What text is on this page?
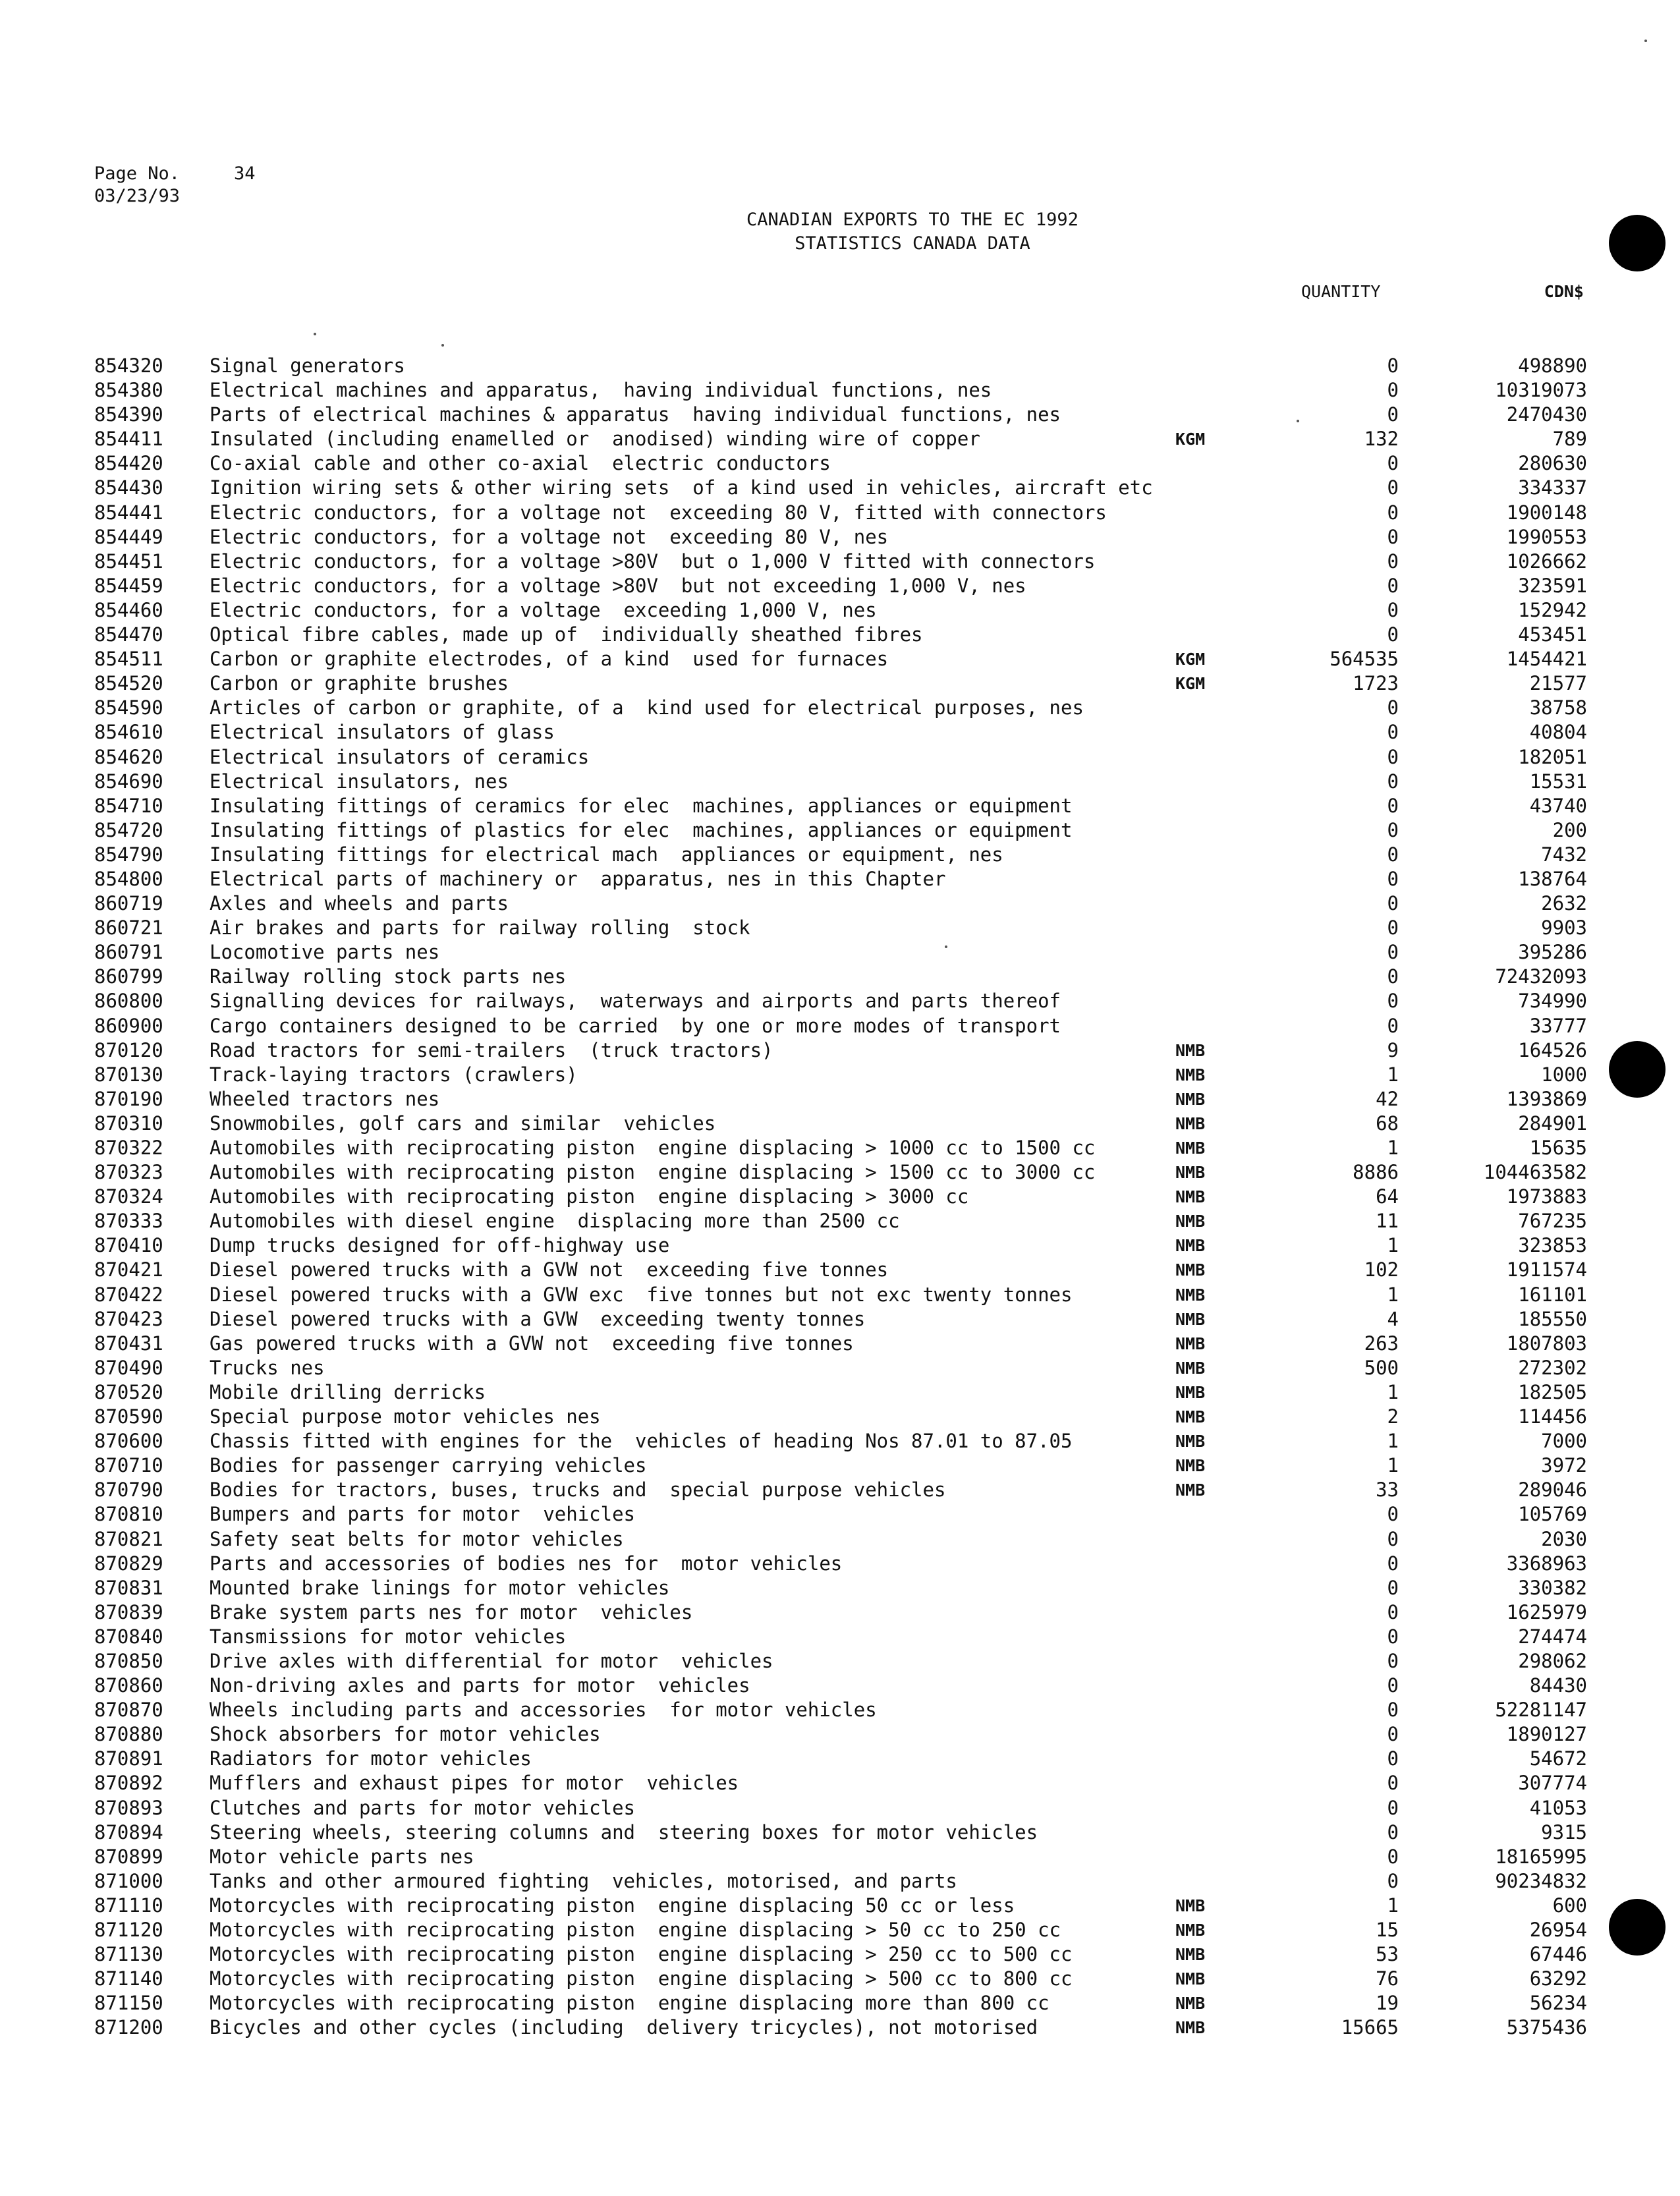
Page No.	34
03/23/93
CANADIAN EXPORTS TO THE EC 1992
STATISTICS CANADA DATA
QUANTITY	CDN$
854320 Signal generators	0	498890
854380 Electrical machines and apparatus,  having individual functions, nes	0	10319073
854390 Parts of electrical machines & apparatus  having individual functions, nes	0	2470430
854411 Insulated (including enamelled or  anodised) winding wire of copper	KGM	132	789
854420 Co-axial cable and other co-axial  electric conductors	0	280630
854430 Ignition wiring sets & other wiring sets  of a kind used in vehicles, aircraft etc	0	334337
854441 Electric conductors, for a voltage not  exceeding 80 V, fitted with connectors	0	1900148
854449 Electric conductors, for a voltage not  exceeding 80 V, nes	0	1990553
854451 Electric conductors, for a voltage >80V  but o 1,000 V fitted with connectors	0	1026662
854459 Electric conductors, for a voltage >80V  but not exceeding 1,000 V, nes	0	323591
854460 Electric conductors, for a voltage  exceeding 1,000 V, nes	0	152942
854470 Optical fibre cables, made up of  individually sheathed fibres	0	453451
854511 Carbon or graphite electrodes, of a kind  used for furnaces	KGM	564535	1454421
854520 Carbon or graphite brushes	KGM	1723	21577
854590 Articles of carbon or graphite, of a  kind used for electrical purposes, nes	0	38758
854610 Electrical insulators of glass	0	40804
854620 Electrical insulators of ceramics	0	182051
854690 Electrical insulators, nes	0	15531
854710 Insulating fittings of ceramics for elec  machines, appliances or equipment	0	43740
854720 Insulating fittings of plastics for elec  machines, appliances or equipment	0	200
854790 Insulating fittings for electrical mach  appliances or equipment, nes	0	7432
854800 Electrical parts of machinery or  apparatus, nes in this Chapter	0	138764
860719 Axles and wheels and parts	0	2632
860721 Air brakes and parts for railway rolling  stock	0	9903
860791 Locomotive parts nes	0	395286
860799 Railway rolling stock parts nes	0	72432093
860800 Signalling devices for railways,  waterways and airports and parts thereof	0	734990
860900 Cargo containers designed to be carried  by one or more modes of transport	0	33777
870120 Road tractors for semi-trailers  (truck tractors)	NMB	9	164526
870130 Track-laying tractors (crawlers)	NMB	1	1000
870190 Wheeled tractors nes	NMB	42	1393869
870310 Snowmobiles, golf cars and similar  vehicles	NMB	68	284901
870322 Automobiles with reciprocating piston  engine displacing > 1000 cc to 1500 cc	NMB	1	15635
870323 Automobiles with reciprocating piston  engine displacing > 1500 cc to 3000 cc	NMB	8886	104463582
870324 Automobiles with reciprocating piston  engine displacing > 3000 cc	NMB	64	1973883
870333 Automobiles with diesel engine  displacing more than 2500 cc	NMB	11	767235
870410 Dump trucks designed for off-highway use	NMB	1	323853
870421 Diesel powered trucks with a GVW not  exceeding five tonnes	NMB	102	1911574
870422 Diesel powered trucks with a GVW exc  five tonnes but not exc twenty tonnes	NMB	1	161101
870423 Diesel powered trucks with a GVW  exceeding twenty tonnes	NMB	4	185550
870431 Gas powered trucks with a GVW not  exceeding five tonnes	NMB	263	1807803
870490 Trucks nes	NMB	500	272302
870520 Mobile drilling derricks	NMB	1	182505
870590 Special purpose motor vehicles nes	NMB	2	114456
870600 Chassis fitted with engines for the  vehicles of heading Nos 87.01 to 87.05	NMB	1	7000
870710 Bodies for passenger carrying vehicles	NMB	1	3972
870790 Bodies for tractors, buses, trucks and  special purpose vehicles	NMB	33	289046
870810 Bumpers and parts for motor  vehicles	0	105769
870821 Safety seat belts for motor vehicles	0	2030
870829 Parts and accessories of bodies nes for  motor vehicles	0	3368963
870831 Mounted brake linings for motor vehicles	0	330382
870839 Brake system parts nes for motor  vehicles	0	1625979
870840 Tansmissions for motor vehicles	0	274474
870850 Drive axles with differential for motor  vehicles	0	298062
870860 Non-driving axles and parts for motor  vehicles	0	84430
870870 Wheels including parts and accessories  for motor vehicles	0	52281147
870880 Shock absorbers for motor vehicles	0	1890127
870891 Radiators for motor vehicles	0	54672
870892 Mufflers and exhaust pipes for motor  vehicles	0	307774
870893 Clutches and parts for motor vehicles	0	41053
870894 Steering wheels, steering columns and  steering boxes for motor vehicles	0	9315
870899 Motor vehicle parts nes	0	18165995
871000 Tanks and other armoured fighting  vehicles, motorised, and parts	0	90234832
871110 Motorcycles with reciprocating piston  engine displacing 50 cc or less	NMB	1	600
871120 Motorcycles with reciprocating piston  engine displacing > 50 cc to 250 cc	NMB	15	26954
871130 Motorcycles with reciprocating piston  engine displacing > 250 cc to 500 cc	NMB	53	67446
871140 Motorcycles with reciprocating piston  engine displacing > 500 cc to 800 cc	NMB	76	63292
871150 Motorcycles with reciprocating piston  engine displacing more than 800 cc	NMB	19	56234
871200 Bicycles and other cycles (including  delivery tricycles), not motorised	NMB	15665	5375436
